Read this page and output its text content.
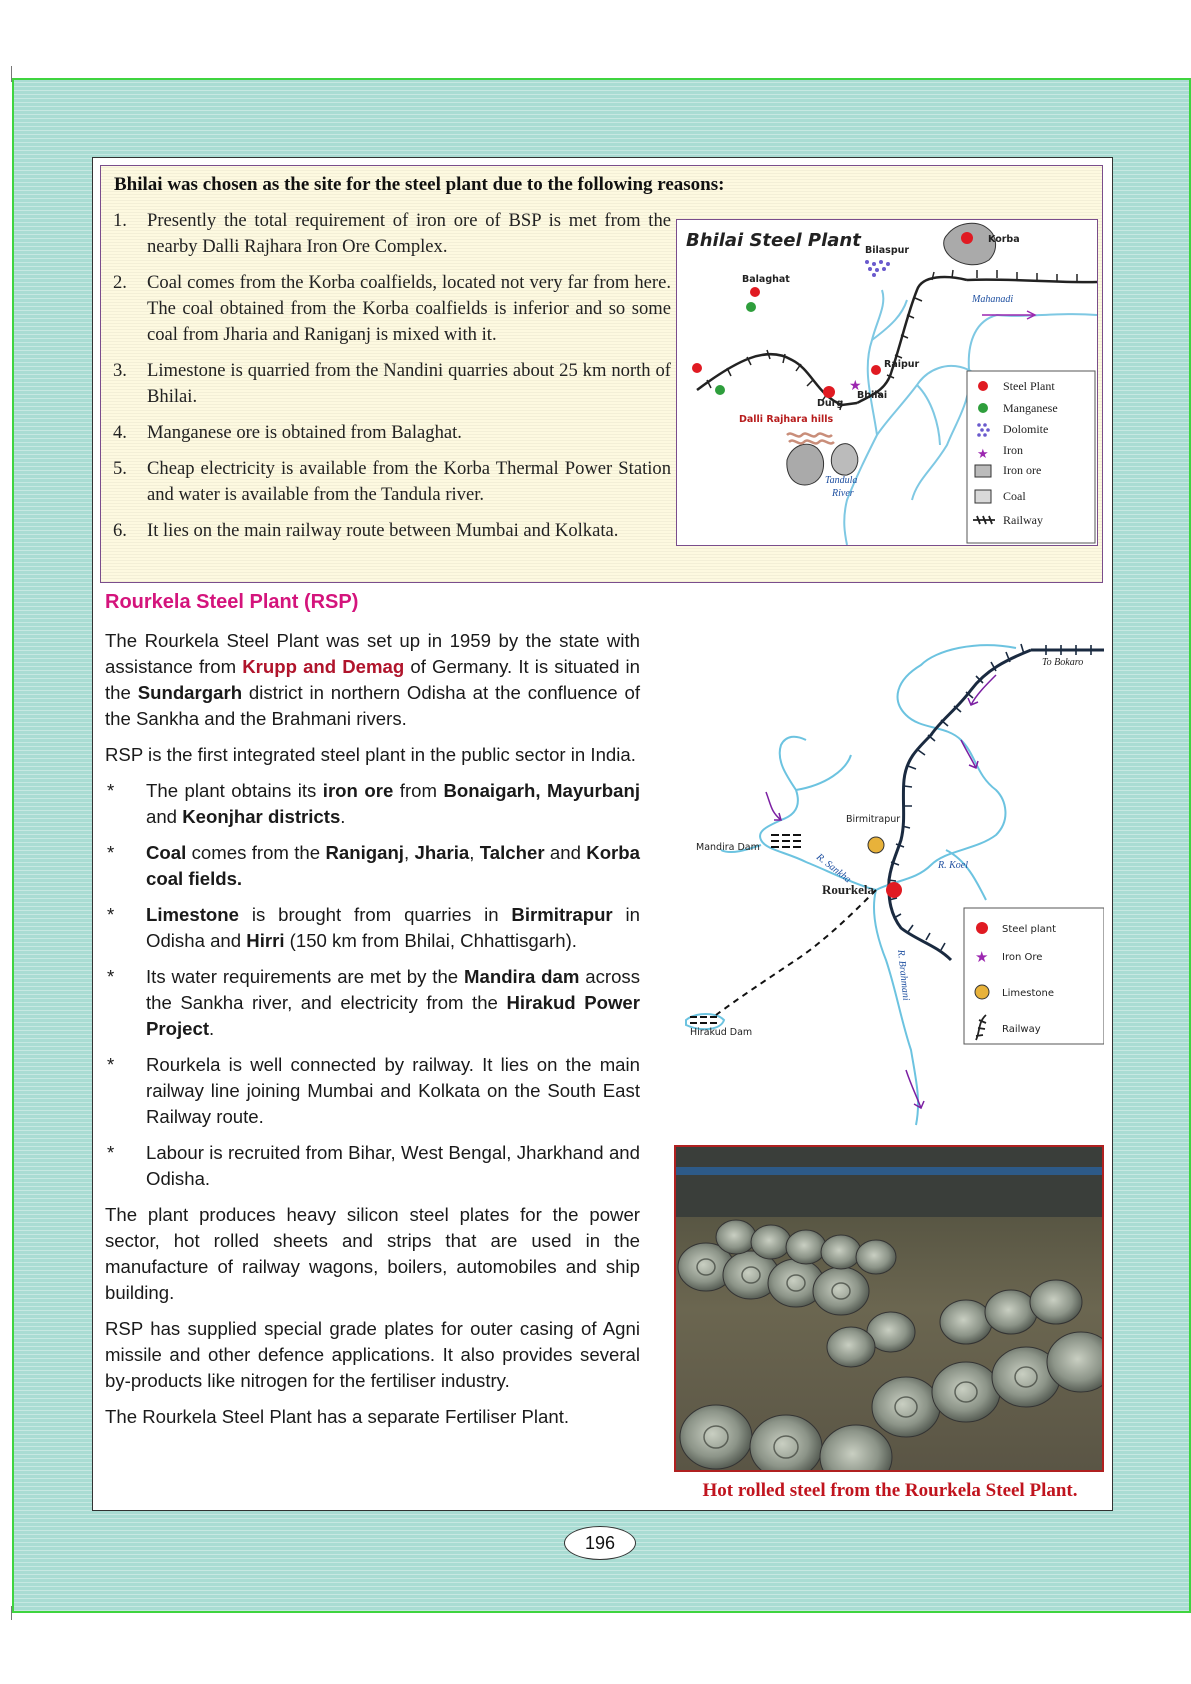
Bhilai was chosen as the site for the steel plant due to the following reasons:
1. Presently the total requirement of iron ore of BSP is met from the nearby Dalli Rajhara Iron Ore Complex.
2. Coal comes from the Korba coalfields, located not very far from here. The coal obtained from the Korba coalfields is inferior and so some coal from Jharia and Raniganj is mixed with it.
3. Limestone is quarried from the Nandini quarries about 25 km north of Bhilai.
4. Manganese ore is obtained from Balaghat.
5. Cheap electricity is available from the Korba Thermal Power Station and water is available from the Tandula river.
6. It lies on the main railway route between Mumbai and Kolkata.
Bhilai Steel Plant
★
Korba
Bilaspur
Balaghat
Raipur
Bhilai
Durg
Dalli Rajhara hills
Mahanadi
Tandula
River
Steel Plant
Manganese
Dolomite
★ Iron
Iron ore
Coal
Railway
Rourkela Steel Plant (RSP)

The Rourkela Steel Plant was set up in 1959 by the state with assistance from Krupp and Demag of Germany. It is situated in the Sundargarh district in northern Odisha at the confluence of the Sankha and the Brahmani rivers.

RSP is the first integrated steel plant in the public sector in India.

* The plant obtains its iron ore from Bonaigarh, Mayurbanj and Keonjhar districts.
* Coal comes from the Raniganj, Jharia, Talcher and Korba coal fields.
* Limestone is brought from quarries in Birmitrapur in Odisha and Hirri (150 km from Bhilai, Chhattisgarh).
* Its water requirements are met by the Mandira dam across the Sankha river, and electricity from the Hirakud Power Project.
* Rourkela is well connected by railway. It lies on the main railway line joining Mumbai and Kolkata on the South East Railway route.
* Labour is recruited from Bihar, West Bengal, Jharkhand and Odisha.

The plant produces heavy silicon steel plates for the power sector, hot rolled sheets and strips that are used in the manufacture of railway wagons, boilers, automobiles and ship building.

RSP has supplied special grade plates for outer casing of Agni missile and other defence applications. It also provides several by-products like nitrogen for the fertiliser industry.

The Rourkela Steel Plant has a separate Fertiliser Plant.

Birmitrapur
Mandira Dam
Hirakud Dam
Rourkela
To Bokaro
R. Koel
R. Sankha
R. Brahmani
Steel plant
★ Iron Ore
Limestone
Railway
Hot rolled steel from the Rourkela Steel Plant.
196
